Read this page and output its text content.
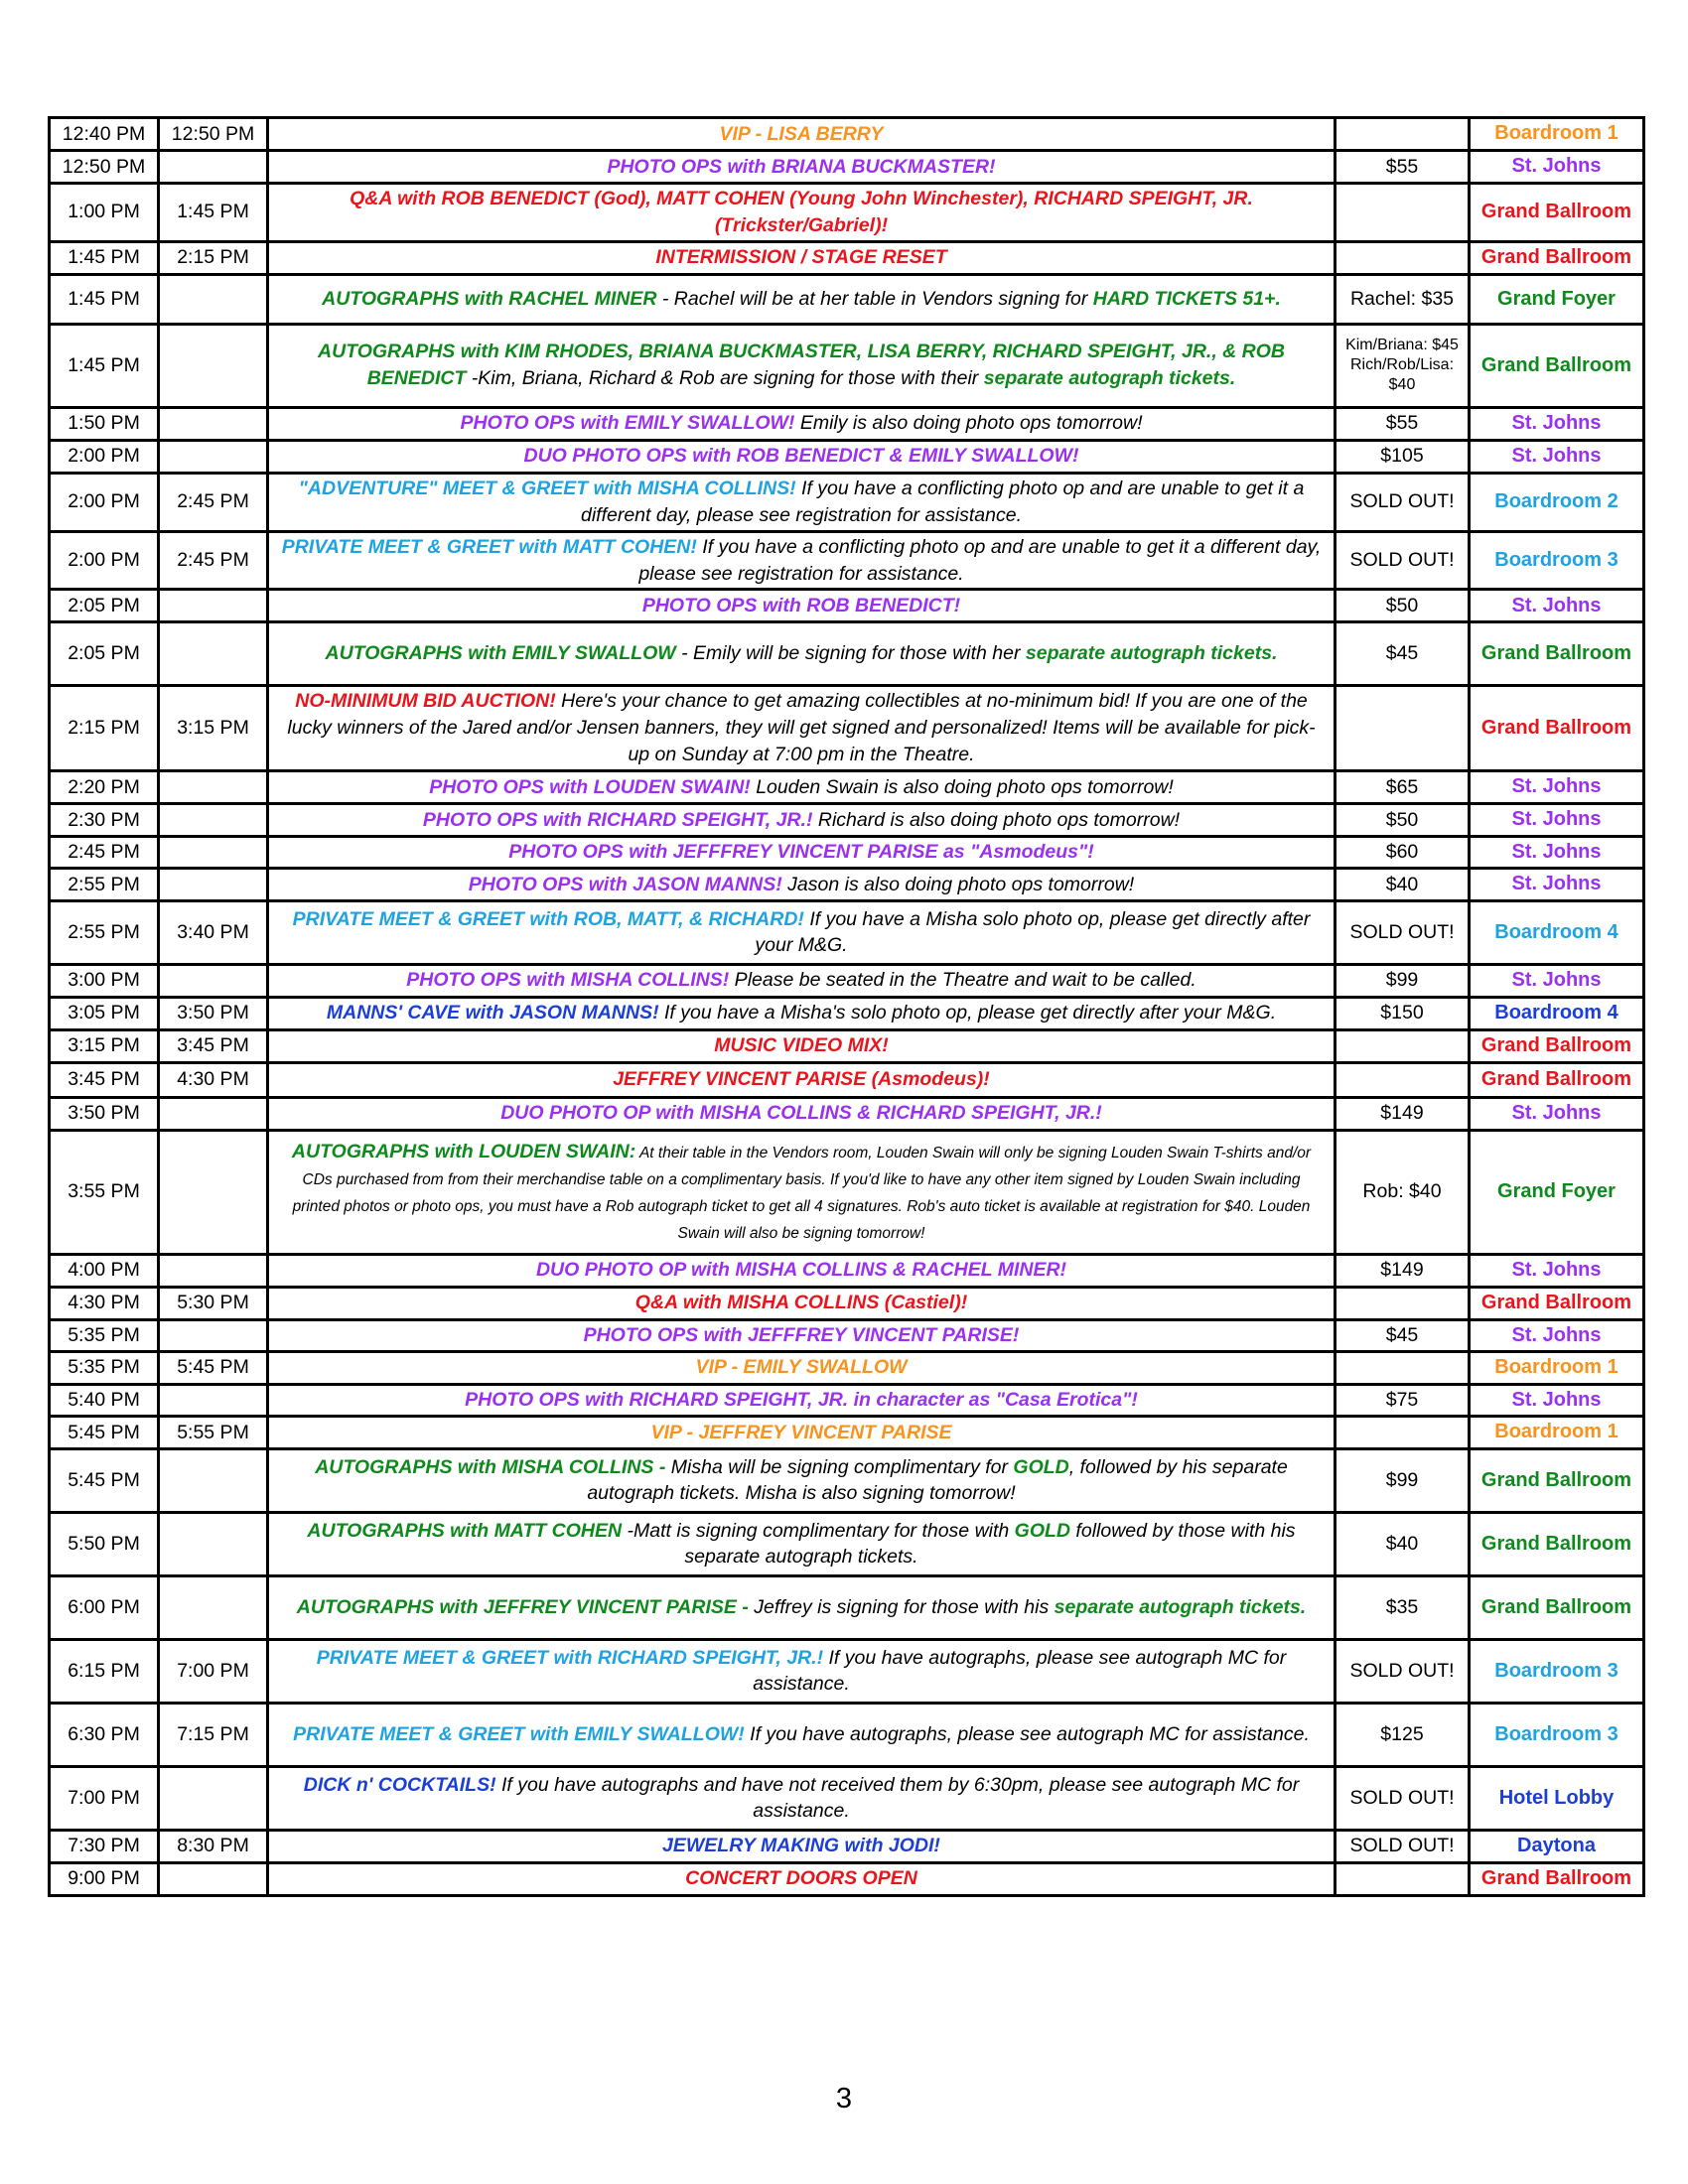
12:40 PM	12:50 PM	VIP - LISA BERRY		Boardroom 1
12:50 PM		PHOTO OPS with BRIANA BUCKMASTER!	$55	St. Johns
1:00 PM	1:45 PM	Q&A with ROB BENEDICT (God), MATT COHEN (Young John Winchester), RICHARD SPEIGHT, JR. (Trickster/Gabriel)!		Grand Ballroom
1:45 PM	2:15 PM	INTERMISSION / STAGE RESET		Grand Ballroom
1:45 PM		AUTOGRAPHS with RACHEL MINER - Rachel will be at her table in Vendors signing for HARD TICKETS 51+.	Rachel: $35	Grand Foyer
1:45 PM		AUTOGRAPHS with KIM RHODES, BRIANA BUCKMASTER, LISA BERRY, RICHARD SPEIGHT, JR., & ROB BENEDICT -Kim, Briana, Richard & Rob are signing for those with their separate autograph tickets.	Kim/Briana: $45 Rich/Rob/Lisa: $40	Grand Ballroom
1:50 PM		PHOTO OPS with EMILY SWALLOW! Emily is also doing photo ops tomorrow!	$55	St. Johns
2:00 PM		DUO PHOTO OPS with ROB BENEDICT & EMILY SWALLOW!	$105	St. Johns
2:00 PM	2:45 PM	"ADVENTURE" MEET & GREET with MISHA COLLINS! If you have a conflicting photo op and are unable to get it a different day, please see registration for assistance.	SOLD OUT!	Boardroom 2
2:00 PM	2:45 PM	PRIVATE MEET & GREET with MATT COHEN! If you have a conflicting photo op and are unable to get it a different day, please see registration for assistance.	SOLD OUT!	Boardroom 3
2:05 PM		PHOTO OPS with ROB BENEDICT!	$50	St. Johns
2:05 PM		AUTOGRAPHS with EMILY SWALLOW - Emily will be signing for those with her separate autograph tickets.	$45	Grand Ballroom
2:15 PM	3:15 PM	NO-MINIMUM BID AUCTION! Here's your chance to get amazing collectibles at no-minimum bid! If you are one of the lucky winners of the Jared and/or Jensen banners, they will get signed and personalized! Items will be available for pick-up on Sunday at 7:00 pm in the Theatre.		Grand Ballroom
2:20 PM		PHOTO OPS with LOUDEN SWAIN! Louden Swain is also doing photo ops tomorrow!	$65	St. Johns
2:30 PM		PHOTO OPS with RICHARD SPEIGHT, JR.! Richard is also doing photo ops tomorrow!	$50	St. Johns
2:45 PM		PHOTO OPS with JEFFFREY VINCENT PARISE as "Asmodeus"!	$60	St. Johns
2:55 PM		PHOTO OPS with JASON MANNS! Jason is also doing photo ops tomorrow!	$40	St. Johns
2:55 PM	3:40 PM	PRIVATE MEET & GREET with ROB, MATT, & RICHARD! If you have a Misha solo photo op, please get directly after your M&G.	SOLD OUT!	Boardroom 4
3:00 PM		PHOTO OPS with MISHA COLLINS! Please be seated in the Theatre and wait to be called.	$99	St. Johns
3:05 PM	3:50 PM	MANNS' CAVE with JASON MANNS! If you have a Misha's solo photo op, please get directly after your M&G.	$150	Boardroom 4
3:15 PM	3:45 PM	MUSIC VIDEO MIX!		Grand Ballroom
3:45 PM	4:30 PM	JEFFREY VINCENT PARISE (Asmodeus)!		Grand Ballroom
3:50 PM		DUO PHOTO OP with MISHA COLLINS & RICHARD SPEIGHT, JR.!	$149	St. Johns
3:55 PM		AUTOGRAPHS with LOUDEN SWAIN: At their table in the Vendors room, Louden Swain will only be signing Louden Swain T-shirts and/or CDs purchased from from their merchandise table on a complimentary basis. If you'd like to have any other item signed by Louden Swain including printed photos or photo ops, you must have a Rob autograph ticket to get all 4 signatures. Rob's auto ticket is available at registration for $40. Louden Swain will also be signing tomorrow!	Rob: $40	Grand Foyer
4:00 PM		DUO PHOTO OP with MISHA COLLINS & RACHEL MINER!	$149	St. Johns
4:30 PM	5:30 PM	Q&A with MISHA COLLINS (Castiel)!		Grand Ballroom
5:35 PM		PHOTO OPS with JEFFFREY VINCENT PARISE!	$45	St. Johns
5:35 PM	5:45 PM	VIP - EMILY SWALLOW		Boardroom 1
5:40 PM		PHOTO OPS with RICHARD SPEIGHT, JR. in character as "Casa Erotica"!	$75	St. Johns
5:45 PM	5:55 PM	VIP - JEFFREY VINCENT PARISE		Boardroom 1
5:45 PM		AUTOGRAPHS with MISHA COLLINS - Misha will be signing complimentary for GOLD, followed by his separate autograph tickets. Misha is also signing tomorrow!	$99	Grand Ballroom
5:50 PM		AUTOGRAPHS with MATT COHEN -Matt is signing complimentary for those with GOLD followed by those with his separate autograph tickets.	$40	Grand Ballroom
6:00 PM		AUTOGRAPHS with JEFFREY VINCENT PARISE - Jeffrey is signing for those with his separate autograph tickets.	$35	Grand Ballroom
6:15 PM	7:00 PM	PRIVATE MEET & GREET with RICHARD SPEIGHT, JR.! If you have autographs, please see autograph MC for assistance.	SOLD OUT!	Boardroom 3
6:30 PM	7:15 PM	PRIVATE MEET & GREET with EMILY SWALLOW! If you have autographs, please see autograph MC for assistance.	$125	Boardroom 3
7:00 PM		DICK n' COCKTAILS! If you have autographs and have not received them by 6:30pm, please see autograph MC for assistance.	SOLD OUT!	Hotel Lobby
7:30 PM	8:30 PM	JEWELRY MAKING with JODI!	SOLD OUT!	Daytona
9:00 PM		CONCERT DOORS OPEN		Grand Ballroom
3
